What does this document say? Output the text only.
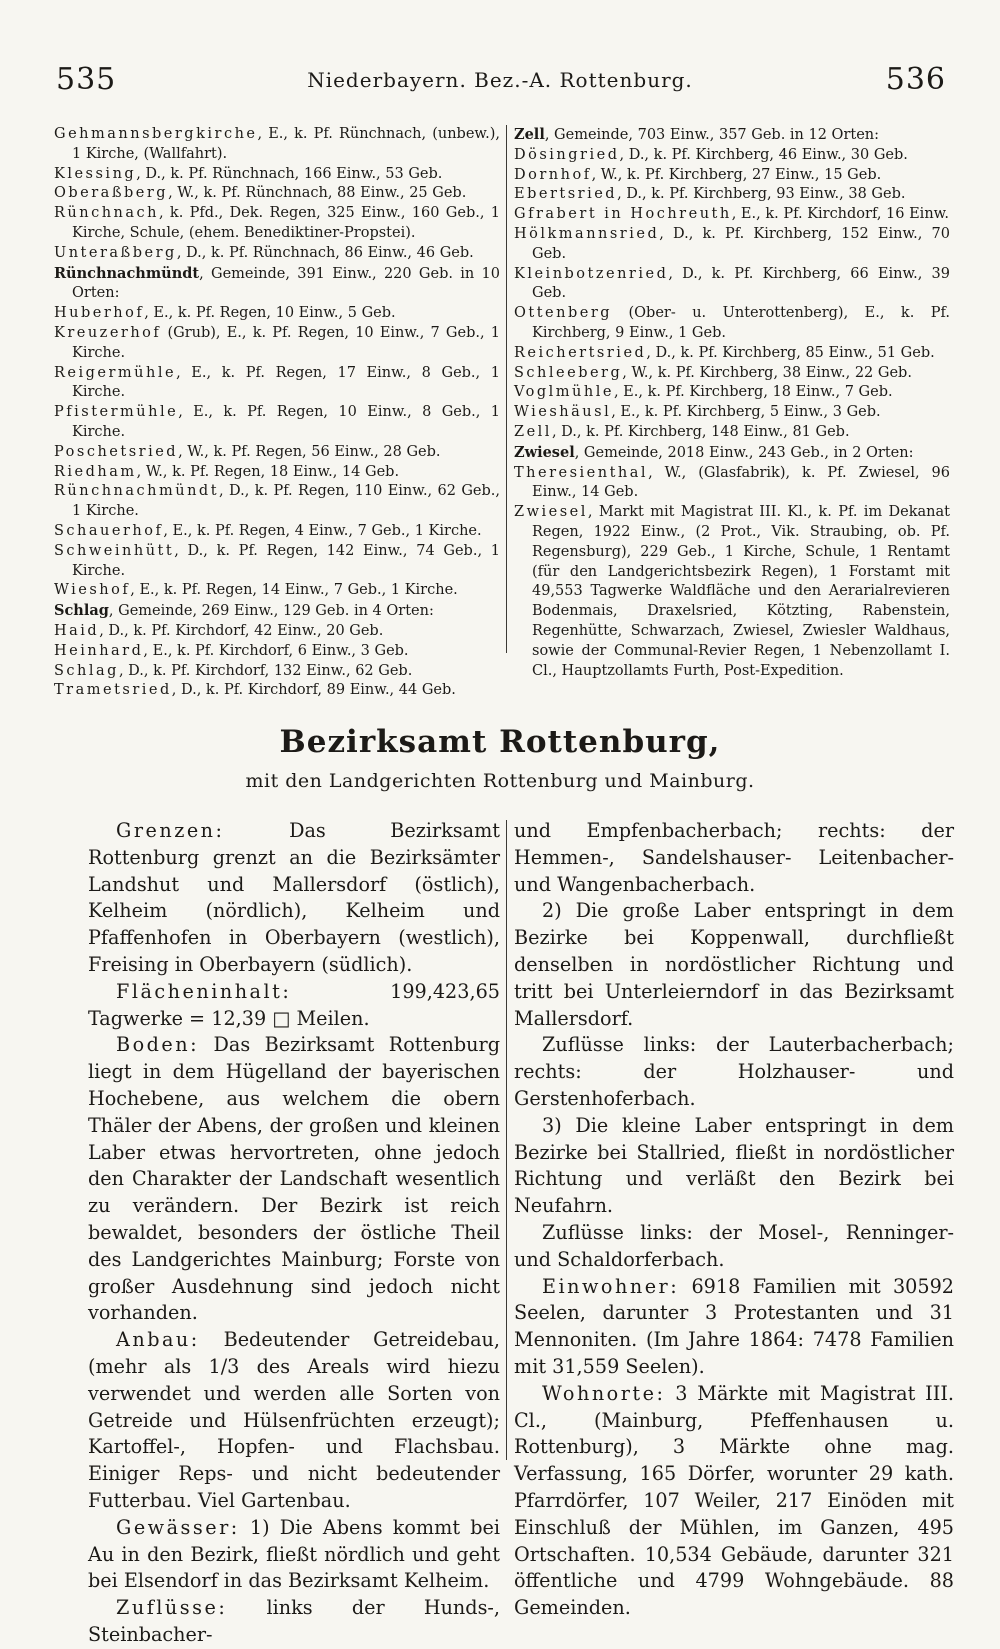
535	Niederbayern. Bez.-A. Rottenburg.	536
Gehmannsbergkirche, E., k. Pf. Rünchnach, (unbew.), 1 Kirche, (Wallfahrt).
Klessing, D., k. Pf. Rünchnach, 166 Einw., 53 Geb.
Oberaßberg, W., k. Pf. Rünchnach, 88 Einw., 25 Geb.
Rünchnach, k. Pfd., Dek. Regen, 325 Einw., 160 Geb., 1 Kirche, Schule, (ehem. Benediktiner-Propstei).
Unteraßberg, D., k. Pf. Rünchnach, 86 Einw., 46 Geb.
Rünchnachmündt, Gemeinde, 391 Einw., 220 Geb. in 10 Orten:
Huberhof, E., k. Pf. Regen, 10 Einw., 5 Geb.
Kreuzerhof (Grub), E., k. Pf. Regen, 10 Einw., 7 Geb., 1 Kirche.
Reigermühle, E., k. Pf. Regen, 17 Einw., 8 Geb., 1 Kirche.
Pfistermühle, E., k. Pf. Regen, 10 Einw., 8 Geb., 1 Kirche.
Poschetsried, W., k. Pf. Regen, 56 Einw., 28 Geb.
Riedham, W., k. Pf. Regen, 18 Einw., 14 Geb.
Rünchnachmündt, D., k. Pf. Regen, 110 Einw., 62 Geb., 1 Kirche.
Schauerhof, E., k. Pf. Regen, 4 Einw., 7 Geb., 1 Kirche.
Schweinhütt, D., k. Pf. Regen, 142 Einw., 74 Geb., 1 Kirche.
Wieshof, E., k. Pf. Regen, 14 Einw., 7 Geb., 1 Kirche.
Schlag, Gemeinde, 269 Einw., 129 Geb. in 4 Orten:
Haid, D., k. Pf. Kirchdorf, 42 Einw., 20 Geb.
Heinhard, E., k. Pf. Kirchdorf, 6 Einw., 3 Geb.
Schlag, D., k. Pf. Kirchdorf, 132 Einw., 62 Geb.
Trametsried, D., k. Pf. Kirchdorf, 89 Einw., 44 Geb.
Zell, Gemeinde, 703 Einw., 357 Geb. in 12 Orten:
Dösingried, D., k. Pf. Kirchberg, 46 Einw., 30 Geb.
Dornhof, W., k. Pf. Kirchberg, 27 Einw., 15 Geb.
Ebertsried, D., k. Pf. Kirchberg, 93 Einw., 38 Geb.
Gfrabert in Hochreuth, E., k. Pf. Kirchdorf, 16 Einw.
Hölkmannsried, D., k. Pf. Kirchberg, 152 Einw., 70 Geb.
Kleinbotzenried, D., k. Pf. Kirchberg, 66 Einw., 39 Geb.
Ottenberg (Ober- u. Unterottenberg), E., k. Pf. Kirchberg, 9 Einw., 1 Geb.
Reichertsried, D., k. Pf. Kirchberg, 85 Einw., 51 Geb.
Schleeberg, W., k. Pf. Kirchberg, 38 Einw., 22 Geb.
Voglmühle, E., k. Pf. Kirchberg, 18 Einw., 7 Geb.
Wieshäusl, E., k. Pf. Kirchberg, 5 Einw., 3 Geb.
Zell, D., k. Pf. Kirchberg, 148 Einw., 81 Geb.
Zwiesel, Gemeinde, 2018 Einw., 243 Geb., in 2 Orten:
Theresienthal, W., (Glasfabrik), k. Pf. Zwiesel, 96 Einw., 14 Geb.
Zwiesel, Markt mit Magistrat III. Kl., k. Pf. im Dekanat Regen, 1922 Einw., (2 Prot., Vik. Straubing, ob. Pf. Regensburg), 229 Geb., 1 Kirche, Schule, 1 Rentamt (für den Landgerichtsbezirk Regen), 1 Forstamt mit 49,553 Tagwerke Waldfläche und den Aerarialrevieren Bodenmais, Draxelsried, Kötzting, Rabenstein, Regenhütte, Schwarzach, Zwiesel, Zwiesler Waldhaus, sowie der Communal-Revier Regen, 1 Nebenzollamt I. Cl., Hauptzollamts Furth, Post-Expedition.
Bezirksamt Rottenburg,
mit den Landgerichten Rottenburg und Mainburg.
Grenzen: Das Bezirksamt Rottenburg grenzt an die Bezirksämter Landshut und Mallersdorf (östlich), Kelheim (nördlich), Kelheim und Pfaffenhofen in Oberbayern (westlich), Freising in Oberbayern (südlich).
Flächeninhalt: 199,423,65 Tagwerke = 12,39 □ Meilen.
Boden: Das Bezirksamt Rottenburg liegt in dem Hügelland der bayerischen Hochebene, aus welchem die obern Thäler der Abens, der großen und kleinen Laber etwas hervortreten, ohne jedoch den Charakter der Landschaft wesentlich zu verändern. Der Bezirk ist reich bewaldet, besonders der östliche Theil des Landgerichtes Mainburg; Forste von großer Ausdehnung sind jedoch nicht vorhanden.
Anbau: Bedeutender Getreidebau, (mehr als 1/3 des Areals wird hiezu verwendet und werden alle Sorten von Getreide und Hülsenfrüchten erzeugt); Kartoffel-, Hopfen- und Flachsbau. Einiger Reps- und nicht bedeutender Futterbau. Viel Gartenbau.
Gewässer: 1) Die Abens kommt bei Au in den Bezirk, fließt nördlich und geht bei Elsendorf in das Bezirksamt Kelheim.
Zuflüsse: links der Hunds-, Steinbacher-
und Empfenbacherbach; rechts: der Hemmen-, Sandelshauser- Leitenbacher- und Wangenbacherbach.
2) Die große Laber entspringt in dem Bezirke bei Koppenwall, durchfließt denselben in nordöstlicher Richtung und tritt bei Unterleierndorf in das Bezirksamt Mallersdorf.
Zuflüsse links: der Lauterbacherbach; rechts: der Holzhauser- und Gerstenhoferbach.
3) Die kleine Laber entspringt in dem Bezirke bei Stallried, fließt in nordöstlicher Richtung und verläßt den Bezirk bei Neufahrn.
Zuflüsse links: der Mosel-, Renninger- und Schaldorferbach.
Einwohner: 6918 Familien mit 30592 Seelen, darunter 3 Protestanten und 31 Mennoniten. (Im Jahre 1864: 7478 Familien mit 31,559 Seelen).
Wohnorte: 3 Märkte mit Magistrat III. Cl., (Mainburg, Pfeffenhausen u. Rottenburg), 3 Märkte ohne mag. Verfassung, 165 Dörfer, worunter 29 kath. Pfarrdörfer, 107 Weiler, 217 Einöden mit Einschluß der Mühlen, im Ganzen, 495 Ortschaften. 10,534 Gebäude, darunter 321 öffentliche und 4799 Wohngebäude. 88 Gemeinden.
